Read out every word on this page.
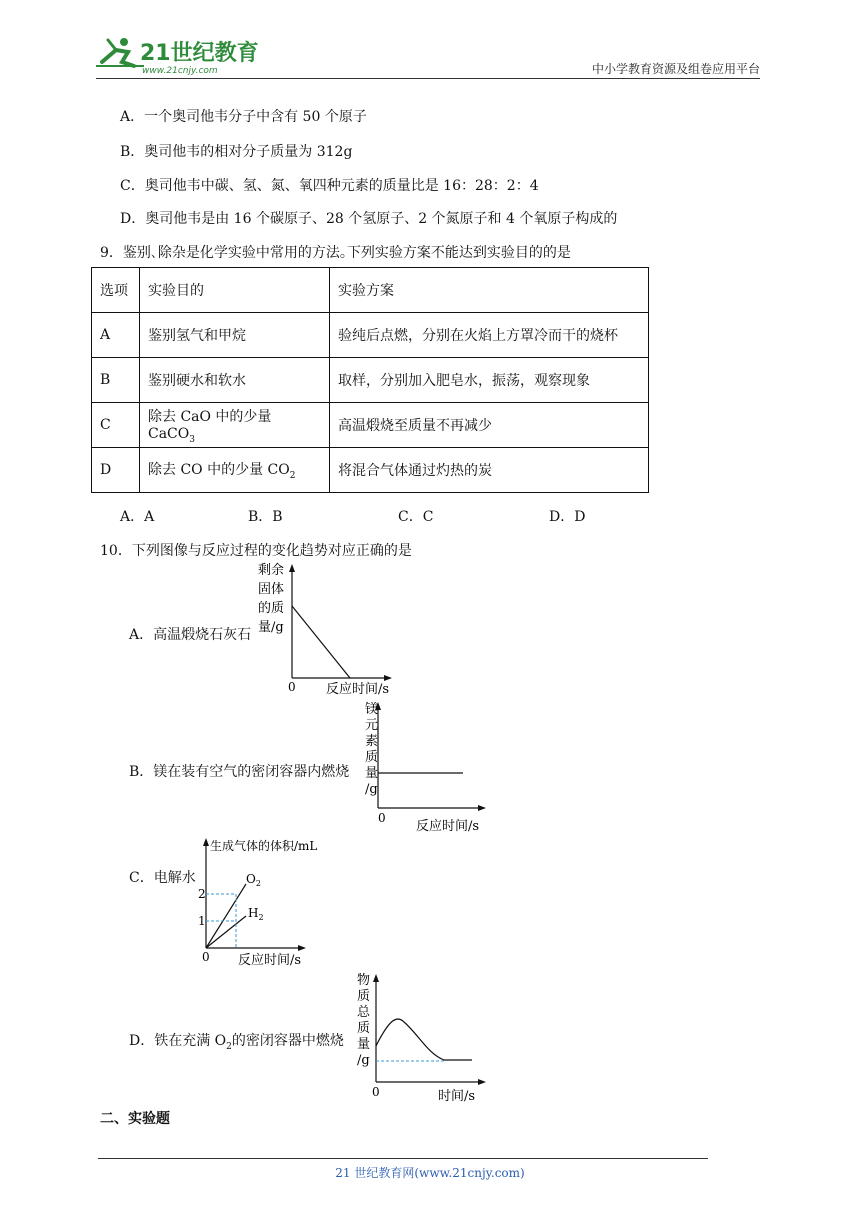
21世纪教育
www.21cnjy.com	中小学教育资源及组卷应用平台
A．一个奥司他韦分子中含有 50 个原子
B．奥司他韦的相对分子质量为 312g
C．奥司他韦中碳、氢、氮、氧四种元素的质量比是 16：28：2：4
D．奥司他韦是由 16 个碳原子、28 个氢原子、2 个氮原子和 4 个氧原子构成的
9．鉴别､除杂是化学实验中常用的方法｡下列实验方案不能达到实验目的的是
选项	实验目的	实验方案
A	鉴别氢气和甲烷	验纯后点燃，分别在火焰上方罩冷而干的烧杯
B	鉴别硬水和软水	取样，分别加入肥皂水，振荡，观察现象
C	除去 CaO 中的少量 CaCO$_3$	高温煅烧至质量不再减少
D	除去 CO 中的少量 $CO_2$	将混合气体通过灼热的炭
A．A	B．B	C．C	D．D
10．下列图像与反应过程的变化趋势对应正确的是
A．高温煅烧石灰石
剩余
固体
的质
量/g
0 反应时间/s
B．镁在装有空气的密闭容器内燃烧
镁
元
素
质
量
/g
0
反应时间/s
C．电解水
生成气体的体积/mL
2
1
$O_2$
$H_2$
0 反应时间/s
D．铁在充满 $O_2$的密闭容器中燃烧
物
质
总
质
量
/g
0	时间/s
二、实验题
21 世纪教育网(www.21cnjy.com)
